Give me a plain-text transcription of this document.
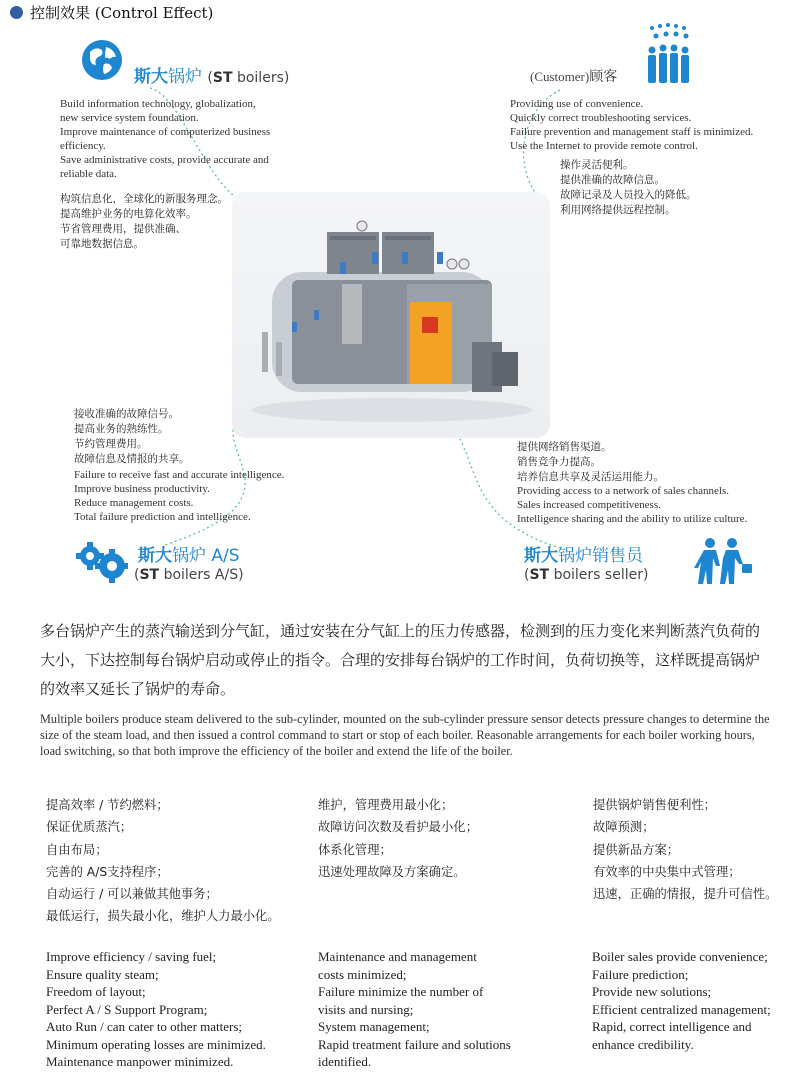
控制效果 (Control Effect)
斯大锅炉 (ST boilers)
Build information technology, globalization,
new service system foundation.
Improve maintenance of computerized business
efficiency.
Save administrative costs, provide accurate and
reliable data.
构筑信息化，全球化的新服务理念。
提高维护业务的电算化效率。
节省管理费用，提供准确、
可靠地数据信息。
(Customer)顾客
Providing use of convenience.
Quickly correct troubleshooting services.
Failure prevention and management staff is minimized.
Use the Internet to provide remote control.
操作灵活便利。
提供准确的故障信息。
故障记录及人员投入的降低。
利用网络提供远程控制。
接收准确的故障信号。
提高业务的熟练性。
节约管理费用。
故障信息及情报的共享。
Failure to receive fast and accurate intelligence.
Improve business productivity.
Reduce management costs.
Total failure prediction and intelligence.
斯大锅炉 A/S
(ST boilers A/S)
提供网络销售渠道。
销售竞争力提高。
培养信息共享及灵活运用能力。
Providing access to a network of sales channels.
Sales increased competitiveness.
Intelligence sharing and the ability to utilize culture.
斯大锅炉销售员
(ST boilers seller)
多台锅炉产生的蒸汽输送到分气缸，通过安装在分气缸上的压力传感器，检测到的压力变化来判断蒸汽负荷的大小，下达控制每台锅炉启动或停止的指令。合理的安排每台锅炉的工作时间，负荷切换等，这样既提高锅炉的效率又延长了锅炉的寿命。
Multiple boilers produce steam delivered to the sub-cylinder, mounted on the sub-cylinder pressure sensor detects pressure changes to determine the size of the steam load, and then issued a control command to start or stop of each boiler. Reasonable arrangements for each boiler working hours, load switching, so that both improve the efficiency of the boiler and extend the life of the boiler.
提高效率 / 节约燃料；
保证优质蒸汽；
自由布局；
完善的 A/S支持程序；
自动运行 / 可以兼做其他事务；
最低运行，损失最小化，维护人力最小化。
维护，管理费用最小化；
故障访问次数及看护最小化；
体系化管理；
迅速处理故障及方案确定。
提供锅炉销售便利性；
故障预测；
提供新品方案；
有效率的中央集中式管理；
迅速，正确的情报，提升可信性。
Improve efficiency / saving fuel;
Ensure quality steam;
Freedom of layout;
Perfect A / S Support Program;
Auto Run / can cater to other matters;
Minimum operating losses are minimized.
Maintenance manpower minimized.
Maintenance and management
costs minimized;
Failure minimize the number of
visits and nursing;
System management;
Rapid treatment failure and solutions
identified.
Boiler sales provide convenience;
Failure prediction;
Provide new solutions;
Efficient centralized management;
Rapid, correct intelligence and
enhance credibility.
